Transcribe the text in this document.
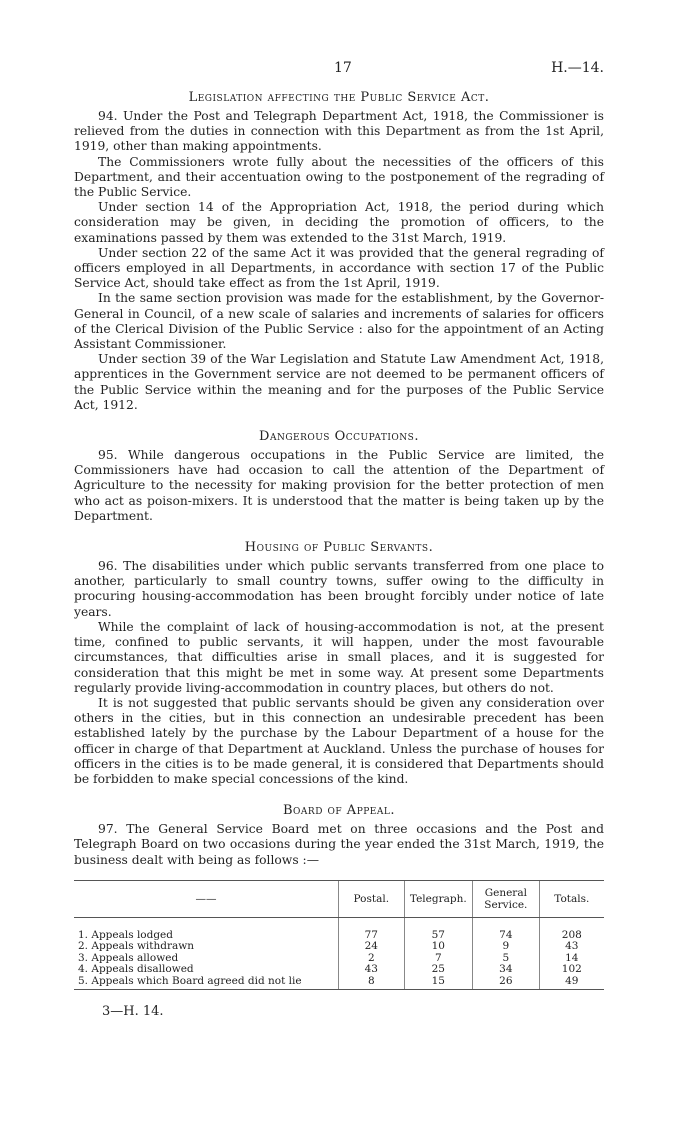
17	H.—14.
Legislation affecting the Public Service Act.

94. Under the Post and Telegraph Department Act, 1918, the Commissioner is relieved from the duties in connection with this Department as from the 1st April, 1919, other than making appointments.

The Commissioners wrote fully about the necessities of the officers of this Department, and their accentuation owing to the postponement of the regrading of the Public Service.

Under section 14 of the Appropriation Act, 1918, the period during which consideration may be given, in deciding the promotion of officers, to the examinations passed by them was extended to the 31st March, 1919.

Under section 22 of the same Act it was provided that the general regrading of officers employed in all Departments, in accordance with section 17 of the Public Service Act, should take effect as from the 1st April, 1919.

In the same section provision was made for the establishment, by the Governor-General in Council, of a new scale of salaries and increments of salaries for officers of the Clerical Division of the Public Service : also for the appointment of an Acting Assistant Commissioner.

Under section 39 of the War Legislation and Statute Law Amendment Act, 1918, apprentices in the Government service are not deemed to be permanent officers of the Public Service within the meaning and for the purposes of the Public Service Act, 1912.

Dangerous Occupations.

95. While dangerous occupations in the Public Service are limited, the Commissioners have had occasion to call the attention of the Department of Agriculture to the necessity for making provision for the better protection of men who act as poison-mixers. It is understood that the matter is being taken up by the Department.

Housing of Public Servants.

96. The disabilities under which public servants transferred from one place to another, particularly to small country towns, suffer owing to the difficulty in procuring housing-accommodation has been brought forcibly under notice of late years.

While the complaint of lack of housing-accommodation is not, at the present time, confined to public servants, it will happen, under the most favourable circumstances, that difficulties arise in small places, and it is suggested for consideration that this might be met in some way. At present some Departments regularly provide living-accommodation in country places, but others do not.

It is not suggested that public servants should be given any consideration over others in the cities, but in this connection an undesirable precedent has been established lately by the purchase by the Labour Department of a house for the officer in charge of that Department at Auckland. Unless the purchase of houses for officers in the cities is to be made general, it is considered that Departments should be forbidden to make special concessions of the kind.

Board of Appeal.

97. The General Service Board met on three occasions and the Post and Telegraph Board on two occasions during the year ended the 31st March, 1919, the business dealt with being as follows :—

——	Postal.	Telegraph.	General Service.	Totals.
1. Appeals lodged	77	57	74	208
2. Appeals withdrawn	24	10	9	43
3. Appeals allowed	2	7	5	14
4. Appeals disallowed	43	25	34	102
5. Appeals which Board agreed did not lie	8	15	26	49
3—H. 14.
